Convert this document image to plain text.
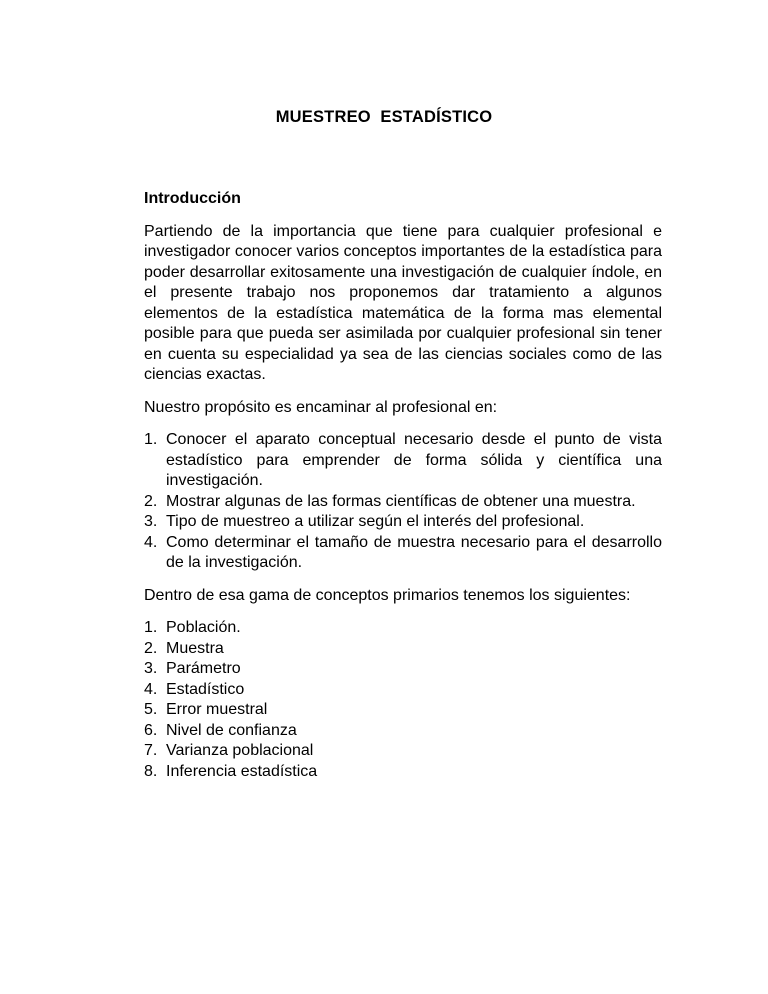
MUESTREO  ESTADÍSTICO
Introducción
Partiendo de la importancia que tiene para cualquier profesional e investigador conocer varios conceptos importantes de la estadística para poder desarrollar exitosamente una investigación de cualquier índole, en el presente trabajo nos proponemos dar tratamiento a algunos elementos de la estadística matemática de la forma mas elemental posible para que pueda ser asimilada por cualquier profesional sin tener en cuenta su especialidad ya sea de las ciencias sociales como de las ciencias exactas.
Nuestro propósito es encaminar al profesional en:
1. Conocer el aparato conceptual necesario desde el punto de vista estadístico para emprender de forma sólida y científica una investigación.
2. Mostrar algunas de las formas científicas de obtener una muestra.
3. Tipo de muestreo a utilizar según el interés del profesional.
4. Como determinar el tamaño de muestra necesario para el desarrollo de la investigación.
Dentro de esa gama de conceptos primarios tenemos los siguientes:
1. Población.
2. Muestra
3. Parámetro
4. Estadístico
5. Error muestral
6. Nivel de confianza
7. Varianza poblacional
8. Inferencia estadística
